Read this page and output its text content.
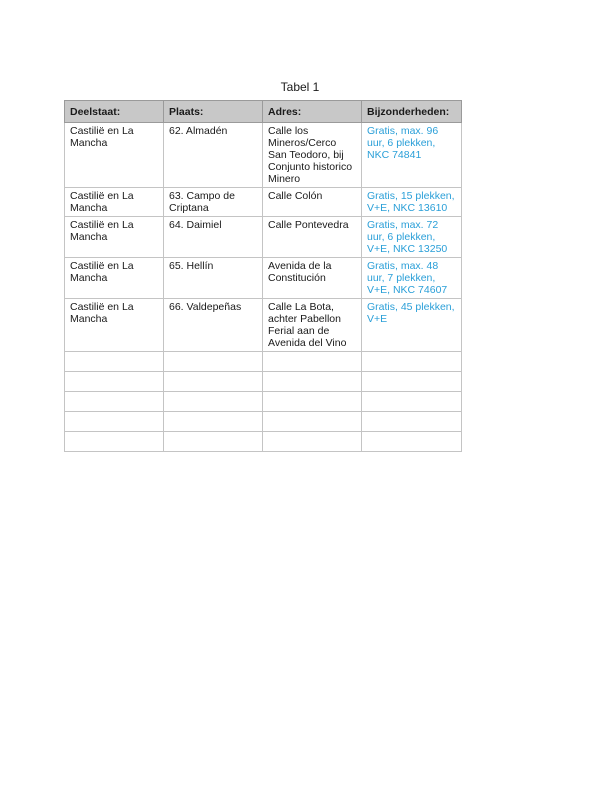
Tabel 1
Deelstaat:	Plaats:	Adres:	Bijzonderheden:
Castilië en La Mancha	62. Almadén	Calle los Mineros/Cerco San Teodoro, bij Conjunto historico Minero	Gratis, max. 96 uur, 6 plekken, NKC 74841
Castilië en La Mancha	63. Campo de Criptana	Calle Colón	Gratis, 15 plekken, V+E, NKC 13610
Castilië en La Mancha	64. Daimiel	Calle Pontevedra	Gratis, max. 72 uur, 6 plekken, V+E, NKC 13250
Castilië en La Mancha	65. Hellín	Avenida de la Constitución	Gratis, max. 48 uur, 7 plekken, V+E, NKC 74607
Castilië en La Mancha	66. Valdepeñas	Calle La Bota, achter Pabellon Ferial aan de Avenida del Vino	Gratis, 45 plekken, V+E
